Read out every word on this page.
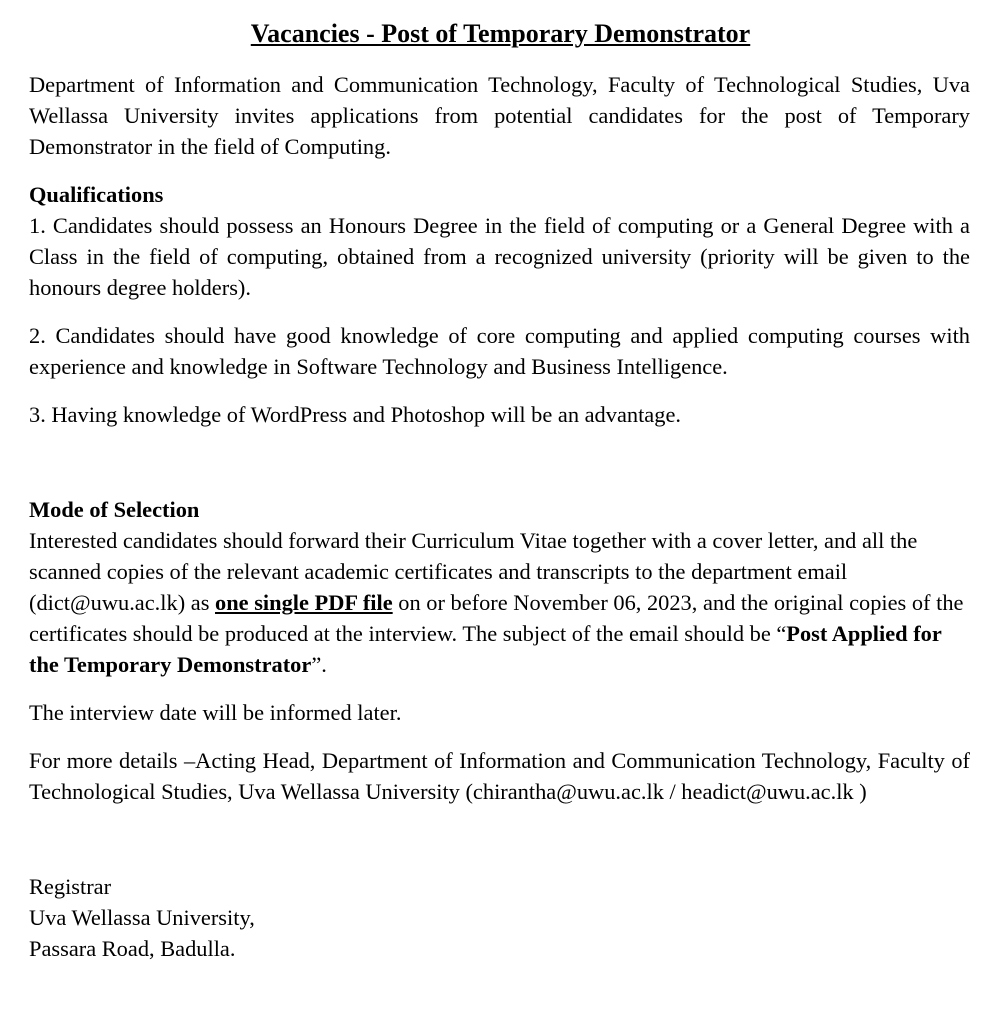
Vacancies - Post of Temporary Demonstrator

Department of Information and Communication Technology, Faculty of Technological Studies, Uva Wellassa University invites applications from potential candidates for the post of Temporary Demonstrator in the field of Computing.

Qualifications

1. Candidates should possess an Honours Degree in the field of computing or a General Degree with a Class in the field of computing, obtained from a recognized university (priority will be given to the honours degree holders).

2. Candidates should have good knowledge of core computing and applied computing courses with experience and knowledge in Software Technology and Business Intelligence.

3. Having knowledge of WordPress and Photoshop will be an advantage.

Mode of Selection

Interested candidates should forward their Curriculum Vitae together with a cover letter, and all the scanned copies of the relevant academic certificates and transcripts to the department email (dict@uwu.ac.lk) as one single PDF file on or before November 06, 2023, and the original copies of the certificates should be produced at the interview. The subject of the email should be “Post Applied for the Temporary Demonstrator”.

The interview date will be informed later.

For more details –Acting Head, Department of Information and Communication Technology, Faculty of Technological Studies, Uva Wellassa University (chirantha@uwu.ac.lk / headict@uwu.ac.lk )

Registrar

Uva Wellassa University,

Passara Road, Badulla.
